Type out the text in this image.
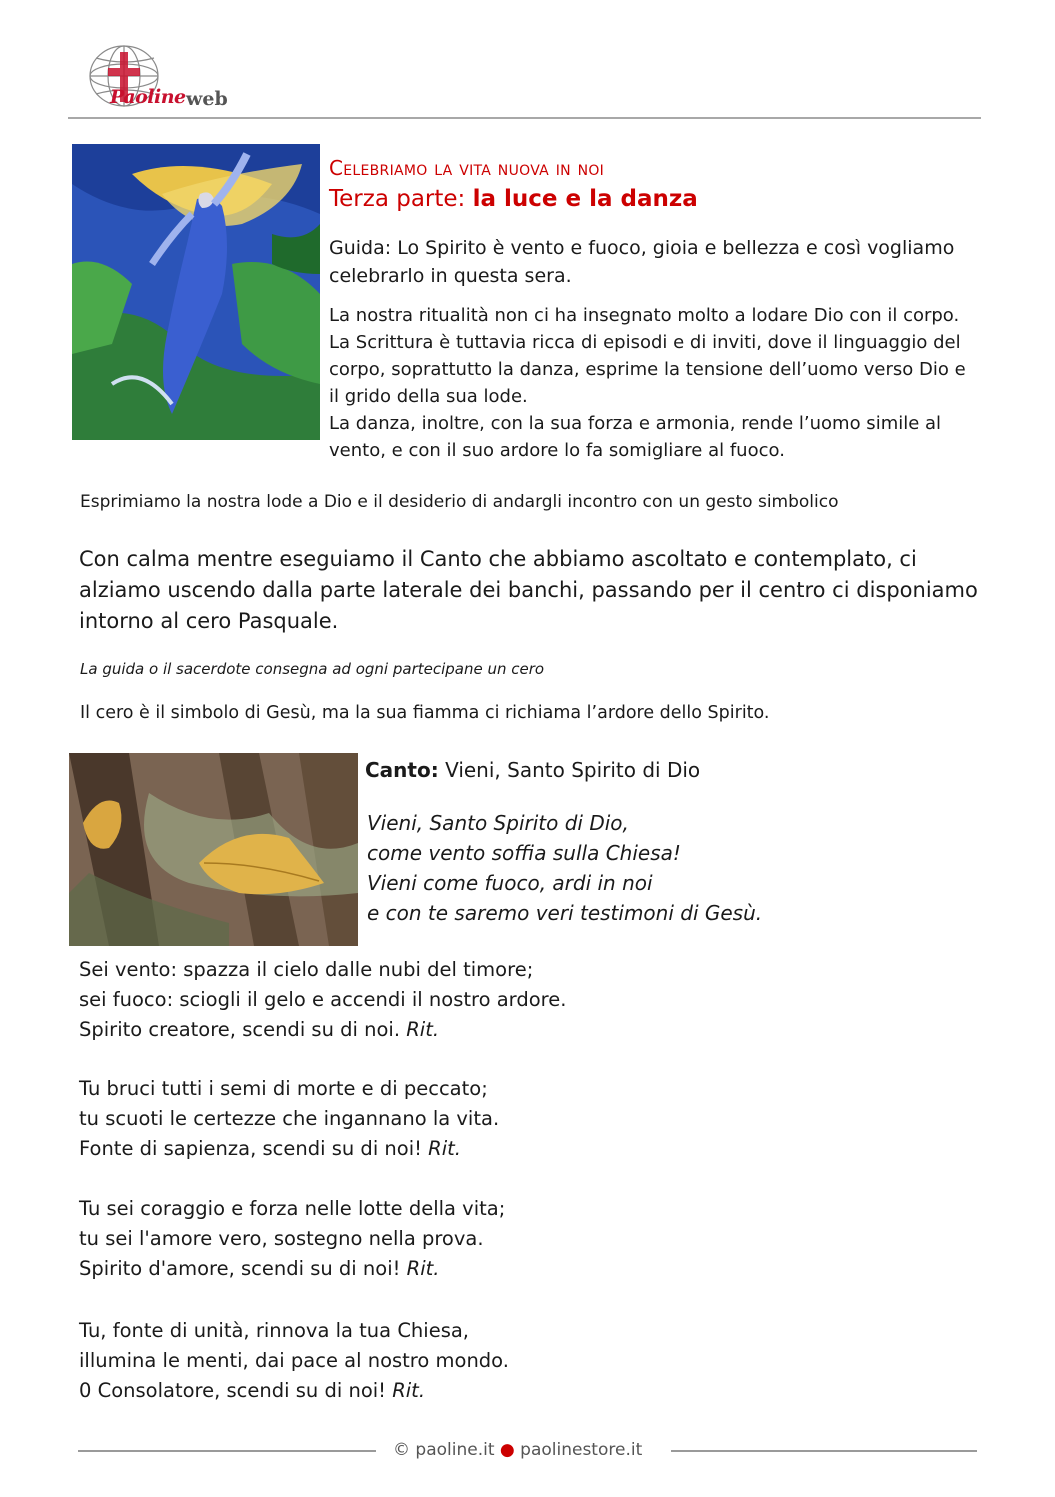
Paoline web
Celebriamo la vita nuova in noi
Terza parte: la luce e la danza
Guida: Lo Spirito è vento e fuoco, gioia e bellezza e così vogliamo celebrarlo in questa sera.
La nostra ritualità non ci ha insegnato molto a lodare Dio con il corpo. La Scrittura è tuttavia ricca di episodi e di inviti, dove il linguaggio del corpo, soprattutto la danza, esprime la tensione dell’uomo verso Dio e il grido della sua lode.
La danza, inoltre, con la sua forza e armonia, rende l’uomo simile al vento, e con il suo ardore lo fa somigliare al fuoco.
Esprimiamo la nostra lode a Dio e il desiderio di andargli incontro con un gesto simbolico
Con calma mentre eseguiamo il Canto che abbiamo ascoltato e contemplato, ci alziamo uscendo dalla parte laterale dei banchi, passando per il centro ci disponiamo intorno al cero Pasquale.
La guida o il sacerdote consegna ad ogni partecipane un cero
Il cero è il simbolo di Gesù, ma la sua fiamma ci richiama l’ardore dello Spirito.
Canto: Vieni, Santo Spirito di Dio
Vieni, Santo Spirito di Dio,
come vento soffia sulla Chiesa!
Vieni come fuoco, ardi in noi
e con te saremo veri testimoni di Gesù.
Sei vento: spazza il cielo dalle nubi del timore;
sei fuoco: sciogli il gelo e accendi il nostro ardore.
Spirito creatore, scendi su di noi. Rit.
Tu bruci tutti i semi di morte e di peccato;
tu scuoti le certezze che ingannano la vita.
Fonte di sapienza, scendi su di noi! Rit.
Tu sei coraggio e forza nelle lotte della vita;
tu sei l'amore vero, sostegno nella prova.
Spirito d'amore, scendi su di noi! Rit.
Tu, fonte di unità, rinnova la tua Chiesa,
illumina le menti, dai pace al nostro mondo.
0 Consolatore, scendi su di noi! Rit.
© paoline.it ● paolinestore.it
